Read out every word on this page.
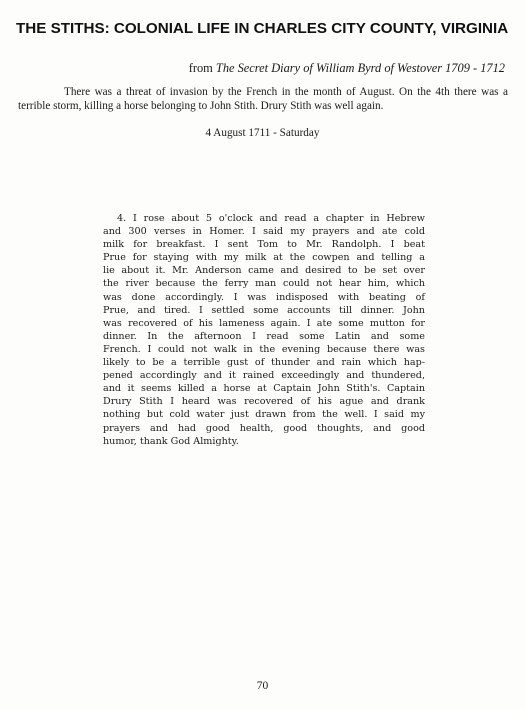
THE STITHS: COLONIAL LIFE IN CHARLES CITY COUNTY, VIRGINIA
from The Secret Diary of William Byrd of Westover 1709 - 1712

There was a threat of invasion by the French in the month of August. On the 4th there was a terrible storm, killing a horse belonging to John Stith. Drury Stith was well again.

4 August 1711 - Saturday
4. I rose about 5 o'clock and read a chapter in Hebrew
and 300 verses in Homer. I said my prayers and ate cold
milk for breakfast. I sent Tom to Mr. Randolph. I beat
Prue for staying with my milk at the cowpen and telling a
lie about it. Mr. Anderson came and desired to be set over
the river because the ferry man could not hear him, which
was done accordingly. I was indisposed with beating of
Prue, and tired. I settled some accounts till dinner. John
was recovered of his lameness again. I ate some mutton for
dinner. In the afternoon I read some Latin and some
French. I could not walk in the evening because there was
likely to be a terrible gust of thunder and rain which hap-
pened accordingly and it rained exceedingly and thundered,
and it seems killed a horse at Captain John Stith's. Captain
Drury Stith I heard was recovered of his ague and drank
nothing but cold water just drawn from the well. I said my
prayers and had good health, good thoughts, and good
humor, thank God Almighty.
70
